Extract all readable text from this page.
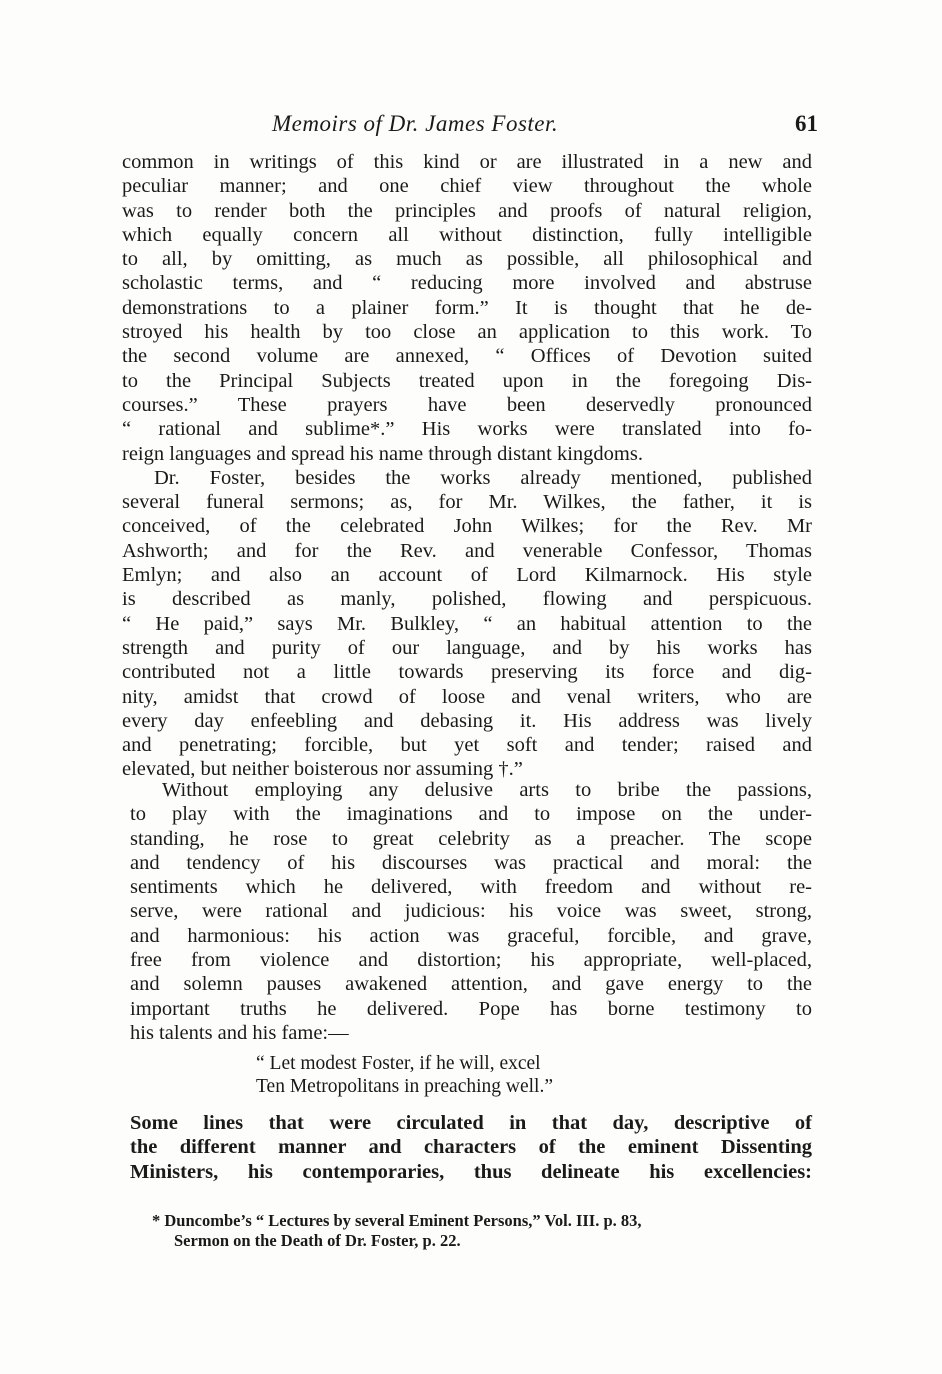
Memoirs of Dr. James Foster.	61
common in writings of this kind or are illustrated in a new and
peculiar manner; and one chief view throughout the whole
was to render both the principles and proofs of natural religion,
which equally concern all without distinction, fully intelligible
to all, by omitting, as much as possible, all philosophical and
scholastic terms, and “ reducing more involved and abstruse
demonstrations to a plainer form.” It is thought that he de-
stroyed his health by too close an application to this work. To
the second volume are annexed, “ Offices of Devotion suited
to the Principal Subjects treated upon in the foregoing Dis-
courses.” These prayers have been deservedly pronounced
“ rational and sublime*.” His works were translated into fo-
reign languages and spread his name through distant kingdoms.
Dr. Foster, besides the works already mentioned, published
several funeral sermons; as, for Mr. Wilkes, the father, it is
conceived, of the celebrated John Wilkes; for the Rev. Mr
Ashworth; and for the Rev. and venerable Confessor, Thomas
Emlyn; and also an account of Lord Kilmarnock. His style
is described as manly, polished, flowing and perspicuous.
“ He paid,” says Mr. Bulkley, “ an habitual attention to the
strength and purity of our language, and by his works has
contributed not a little towards preserving its force and dig-
nity, amidst that crowd of loose and venal writers, who are
every day enfeebling and debasing it. His address was lively
and penetrating; forcible, but yet soft and tender; raised and
elevated, but neither boisterous nor assuming †.”
Without employing any delusive arts to bribe the passions,
to play with the imaginations and to impose on the under-
standing, he rose to great celebrity as a preacher. The scope
and tendency of his discourses was practical and moral: the
sentiments which he delivered, with freedom and without re-
serve, were rational and judicious: his voice was sweet, strong,
and harmonious: his action was graceful, forcible, and grave,
free from violence and distortion; his appropriate, well-placed,
and solemn pauses awakened attention, and gave energy to the
important truths he delivered. Pope has borne testimony to
his talents and his fame:—
“ Let modest Foster, if he will, excel
Ten Metropolitans in preaching well.”
Some lines that were circulated in that day, descriptive of
the different manner and characters of the eminent Dissenting
Ministers, his contemporaries, thus delineate his excellencies:
* Duncombe’s “ Lectures by several Eminent Persons,” Vol. III. p. 83,
Sermon on the Death of Dr. Foster, p. 22.
